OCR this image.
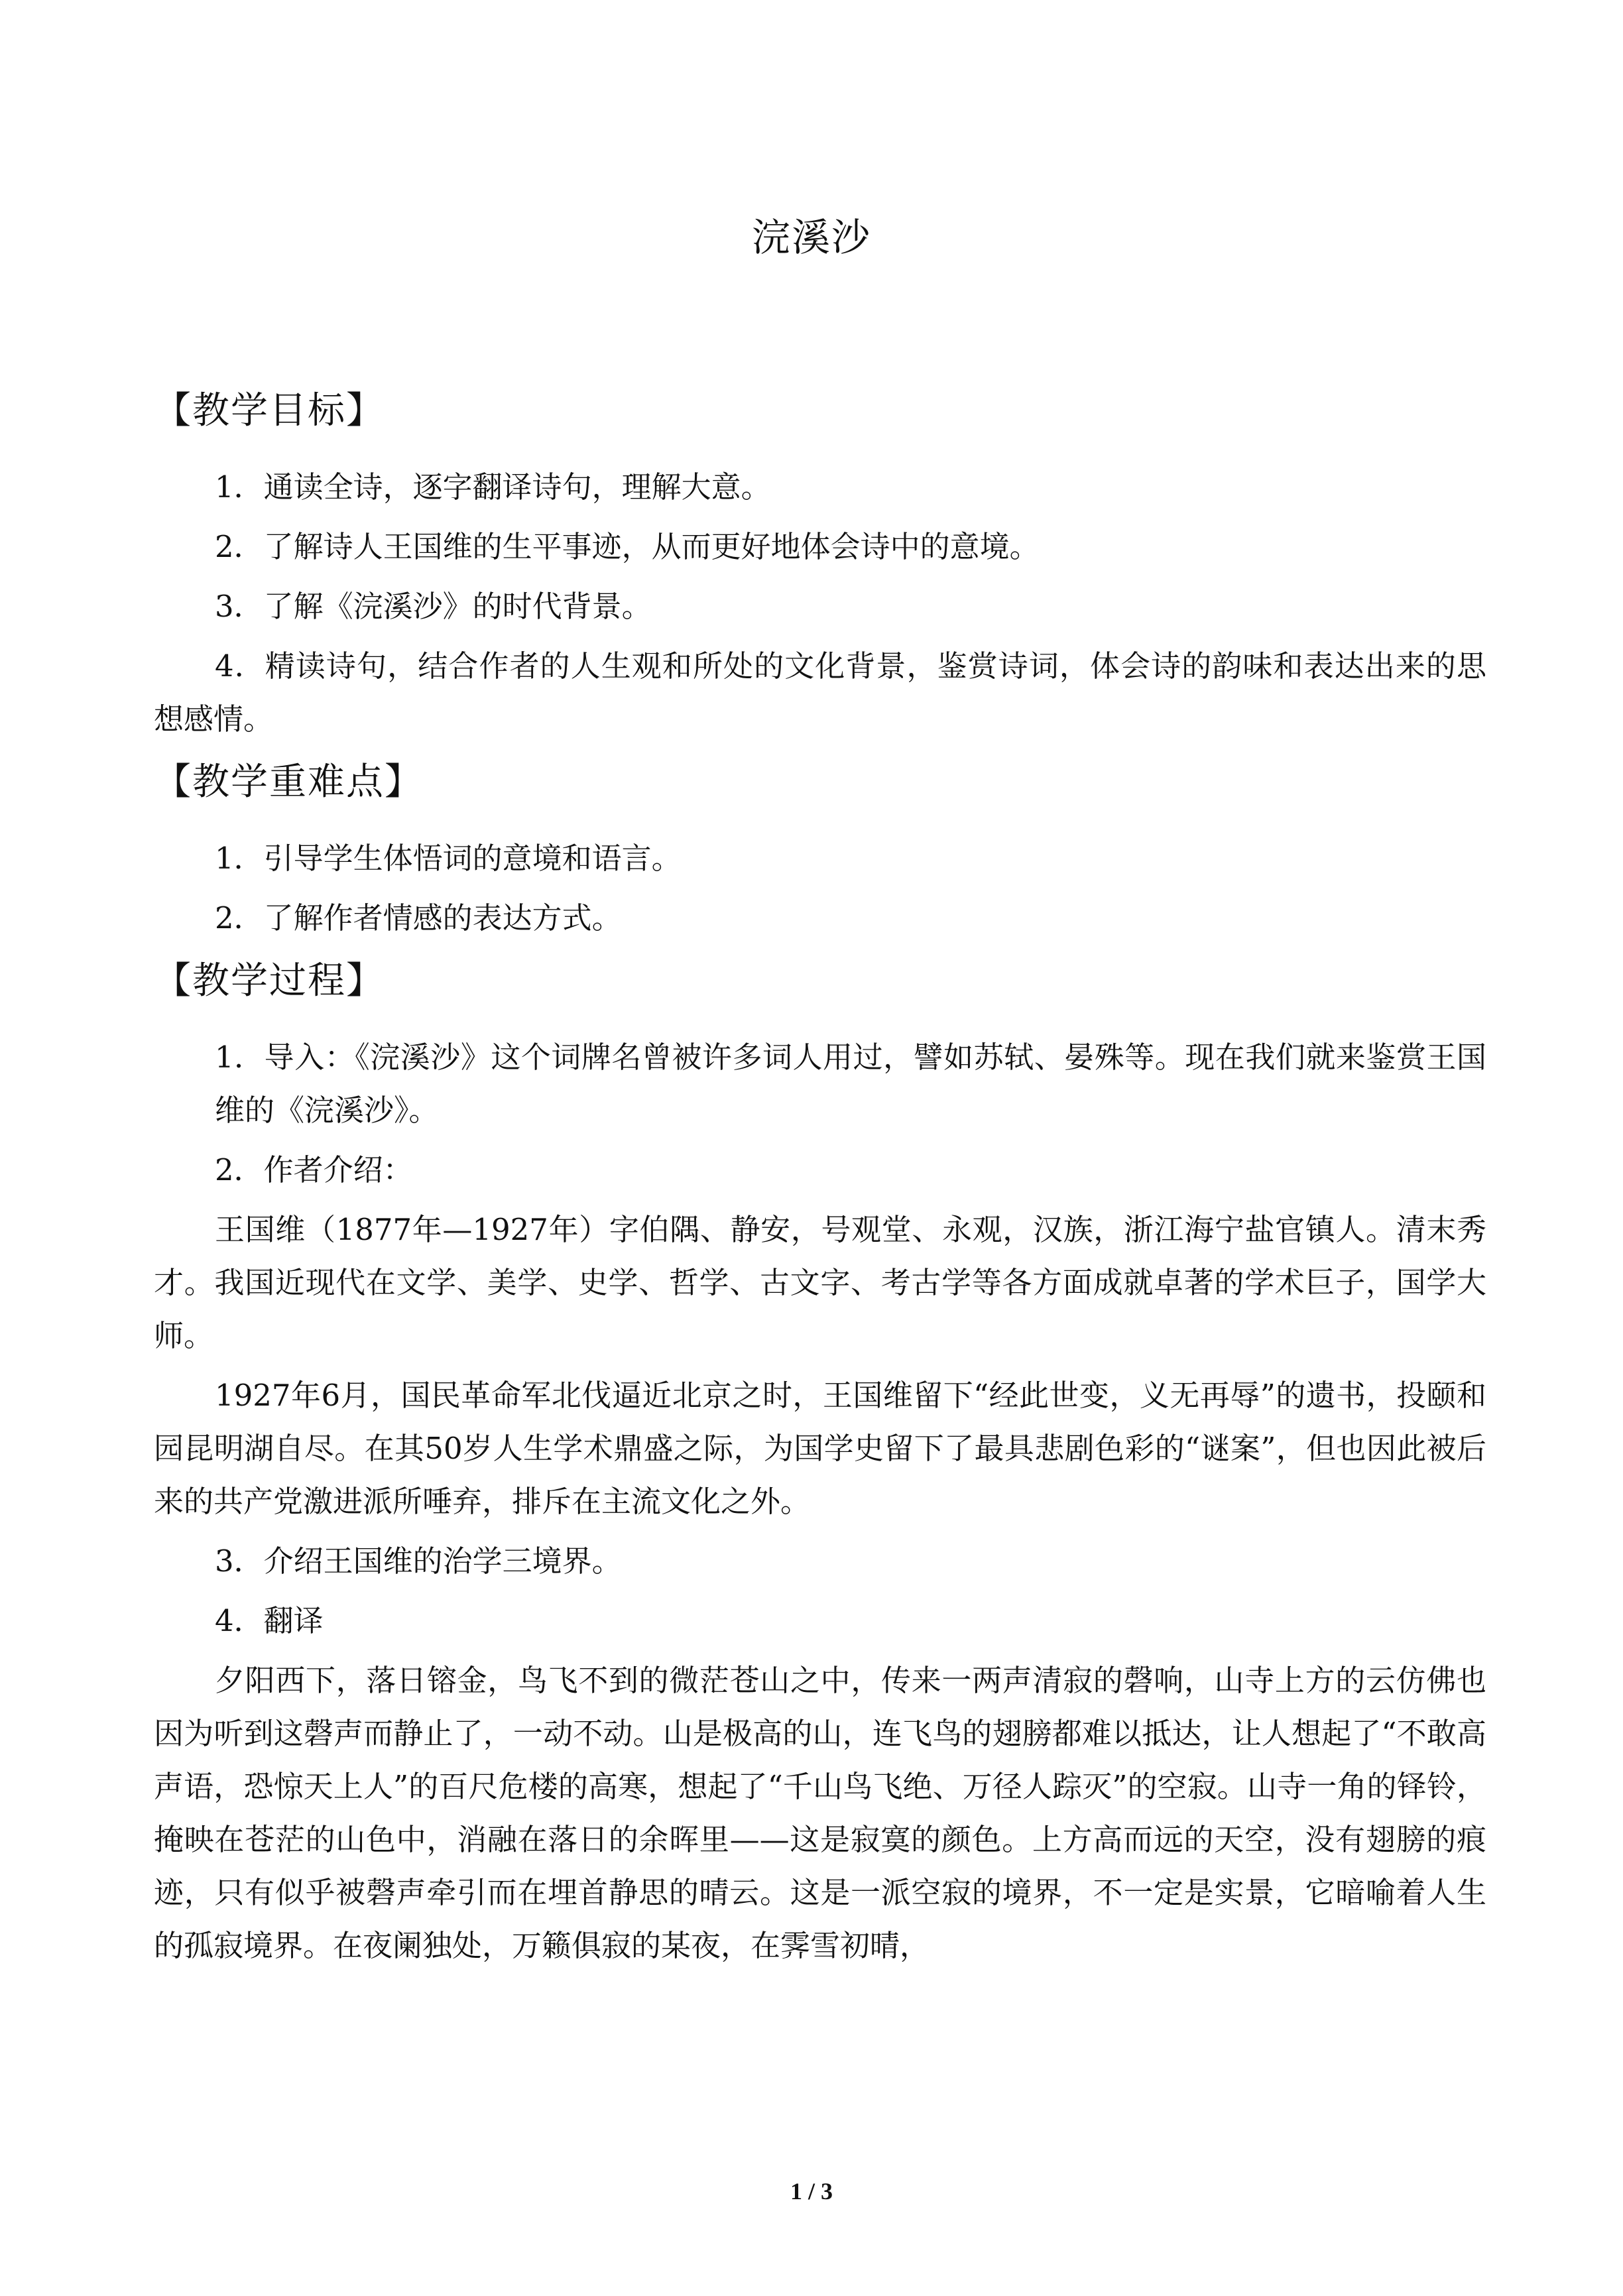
浣溪沙
【教学目标】

1．通读全诗，逐字翻译诗句，理解大意。

2．了解诗人王国维的生平事迹，从而更好地体会诗中的意境。

3．了解《浣溪沙》的时代背景。

4．精读诗句，结合作者的人生观和所处的文化背景，鉴赏诗词，体会诗的韵味和表达出来的思想感情。

【教学重难点】

1．引导学生体悟词的意境和语言。

2．了解作者情感的表达方式。

【教学过程】

1．导入：《浣溪沙》这个词牌名曾被许多词人用过，譬如苏轼、晏殊等。现在我们就来鉴赏王国维的《浣溪沙》。

2．作者介绍：

王国维（1877年—1927年）字伯隅、静安，号观堂、永观，汉族，浙江海宁盐官镇人。清末秀才。我国近现代在文学、美学、史学、哲学、古文字、考古学等各方面成就卓著的学术巨子，国学大师。

1927年6月，国民革命军北伐逼近北京之时，王国维留下“经此世变，义无再辱”的遗书，投颐和园昆明湖自尽。在其50岁人生学术鼎盛之际，为国学史留下了最具悲剧色彩的“谜案”，但也因此被后来的共产党激进派所唾弃，排斥在主流文化之外。

3．介绍王国维的治学三境界。

4．翻译

夕阳西下，落日镕金，鸟飞不到的微茫苍山之中，传来一两声清寂的磬响，山寺上方的云仿佛也因为听到这磬声而静止了，一动不动。山是极高的山，连飞鸟的翅膀都难以抵达，让人想起了“不敢高声语，恐惊天上人”的百尺危楼的高寒，想起了“千山鸟飞绝、万径人踪灭”的空寂。山寺一角的铎铃，掩映在苍茫的山色中，消融在落日的余晖里——这是寂寞的颜色。上方高而远的天空，没有翅膀的痕迹，只有似乎被磬声牵引而在埋首静思的晴云。这是一派空寂的境界，不一定是实景，它暗喻着人生的孤寂境界。在夜阑独处，万籁俱寂的某夜，在霁雪初晴，

1 / 3
